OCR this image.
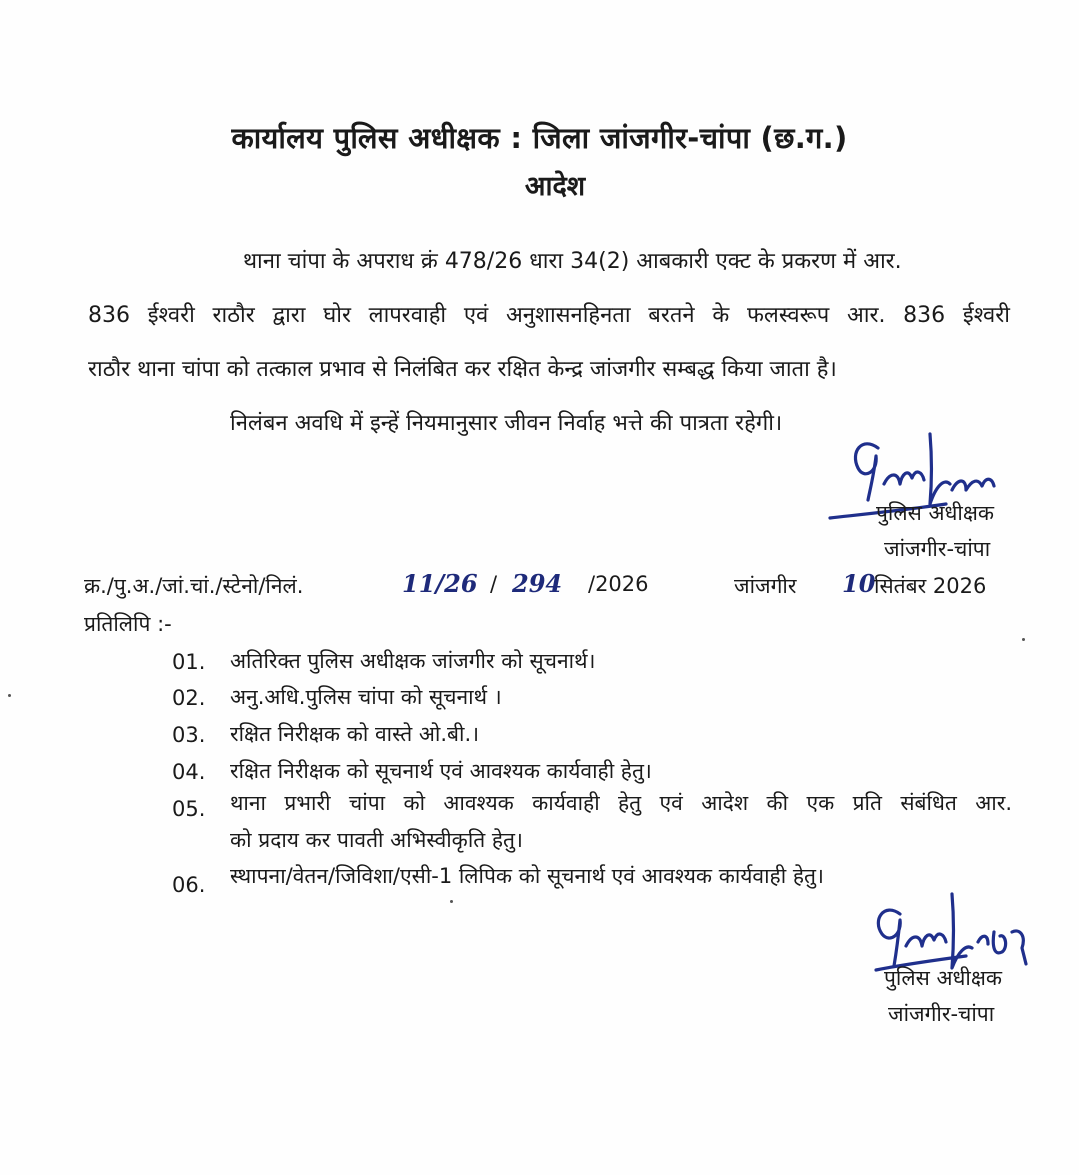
कार्यालय पुलिस अधीक्षक : जिला जांजगीर-चांपा (छ.ग.)
आदेश
थाना चांपा के अपराध क्रं 478/26 धारा 34(2) आबकारी एक्ट के प्रकरण में आर.
836 ईश्वरी राठौर द्वारा घोर लापरवाही एवं अनुशासनहिनता बरतने के फलस्वरूप आर. 836 ईश्वरी
राठौर थाना चांपा को तत्काल प्रभाव से निलंबित कर रक्षित केन्द्र जांजगीर सम्बद्ध किया जाता है।
निलंबन अवधि में इन्हें नियमानुसार जीवन निर्वाह भत्ते की पात्रता रहेगी।
पुलिस अधीक्षक
जांजगीर-चांपा
क्र./पु.अ./जां.चां./स्टेनो/निलं.	11/26 / 294 /2026	जांजगीर 10
सितंबर 2026
प्रतिलिपि :-
01. अतिरिक्त पुलिस अधीक्षक जांजगीर को सूचनार्थ।
02. अनु.अधि.पुलिस चांपा को सूचनार्थ ।
03. रक्षित निरीक्षक को वास्ते ओ.बी.।
04. रक्षित निरीक्षक को सूचनार्थ एवं आवश्यक कार्यवाही हेतु।
05. थाना प्रभारी चांपा को आवश्यक कार्यवाही हेतु एवं आदेश की एक प्रति संबंधित आर.
को प्रदाय कर पावती अभिस्वीकृति हेतु।
06. स्थापना/वेतन/जिविशा/एसी-1 लिपिक को सूचनार्थ एवं आवश्यक कार्यवाही हेतु।
पुलिस अधीक्षक
जांजगीर-चांपा
